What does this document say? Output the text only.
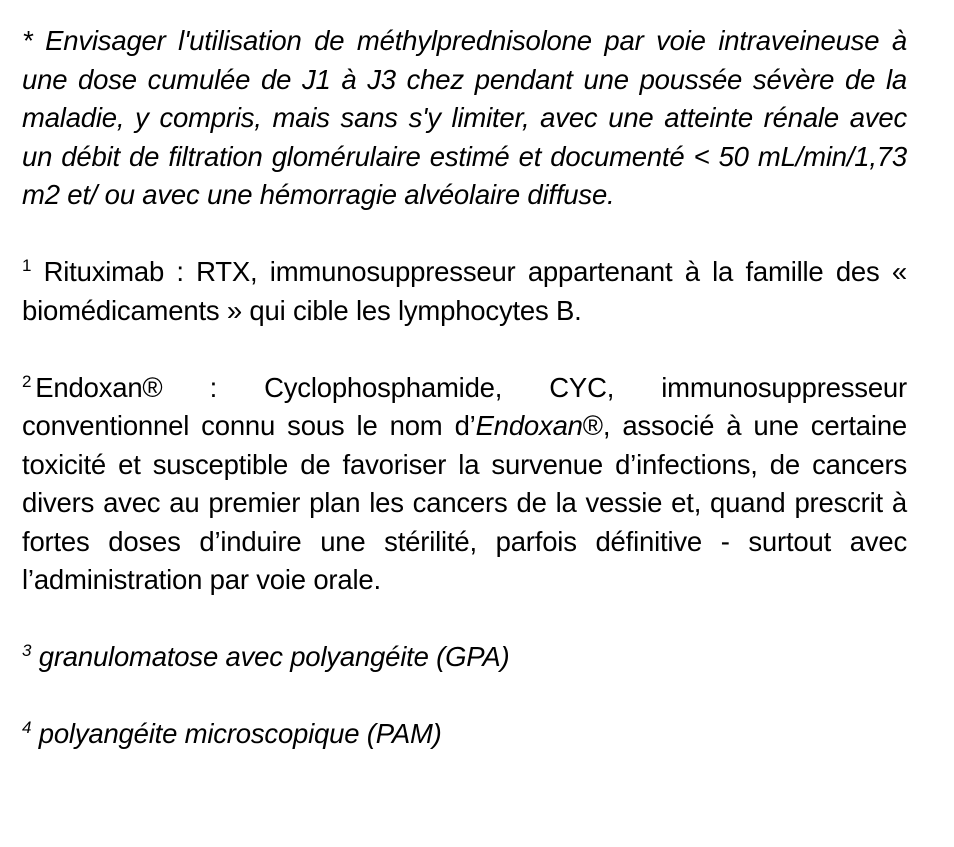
* Envisager l'utilisation de méthylprednisolone par voie intraveineuse à une dose cumulée de J1 à J3 chez pendant une poussée sévère de la maladie, y compris, mais sans s'y limiter, avec une atteinte rénale avec un débit de filtration glomérulaire estimé et documenté < 50 mL/min/1,73 m2 et/ ou avec une hémorragie alvéolaire diffuse.

$^1$ Rituximab : RTX, immunosuppresseur appartenant à la famille des « biomédicaments » qui cible les lymphocytes B.

$^2$ Endoxan® : Cyclophosphamide, CYC, immunosuppresseur conventionnel connu sous le nom d’Endoxan®, associé à une certaine toxicité et susceptible de favoriser la survenue d’infections, de cancers divers avec au premier plan les cancers de la vessie et, quand prescrit à fortes doses d’induire une stérilité, parfois définitive - surtout avec l’administration par voie orale.

$^3$ granulomatose avec polyangéite (GPA)

$^4$ polyangéite microscopique (PAM)
